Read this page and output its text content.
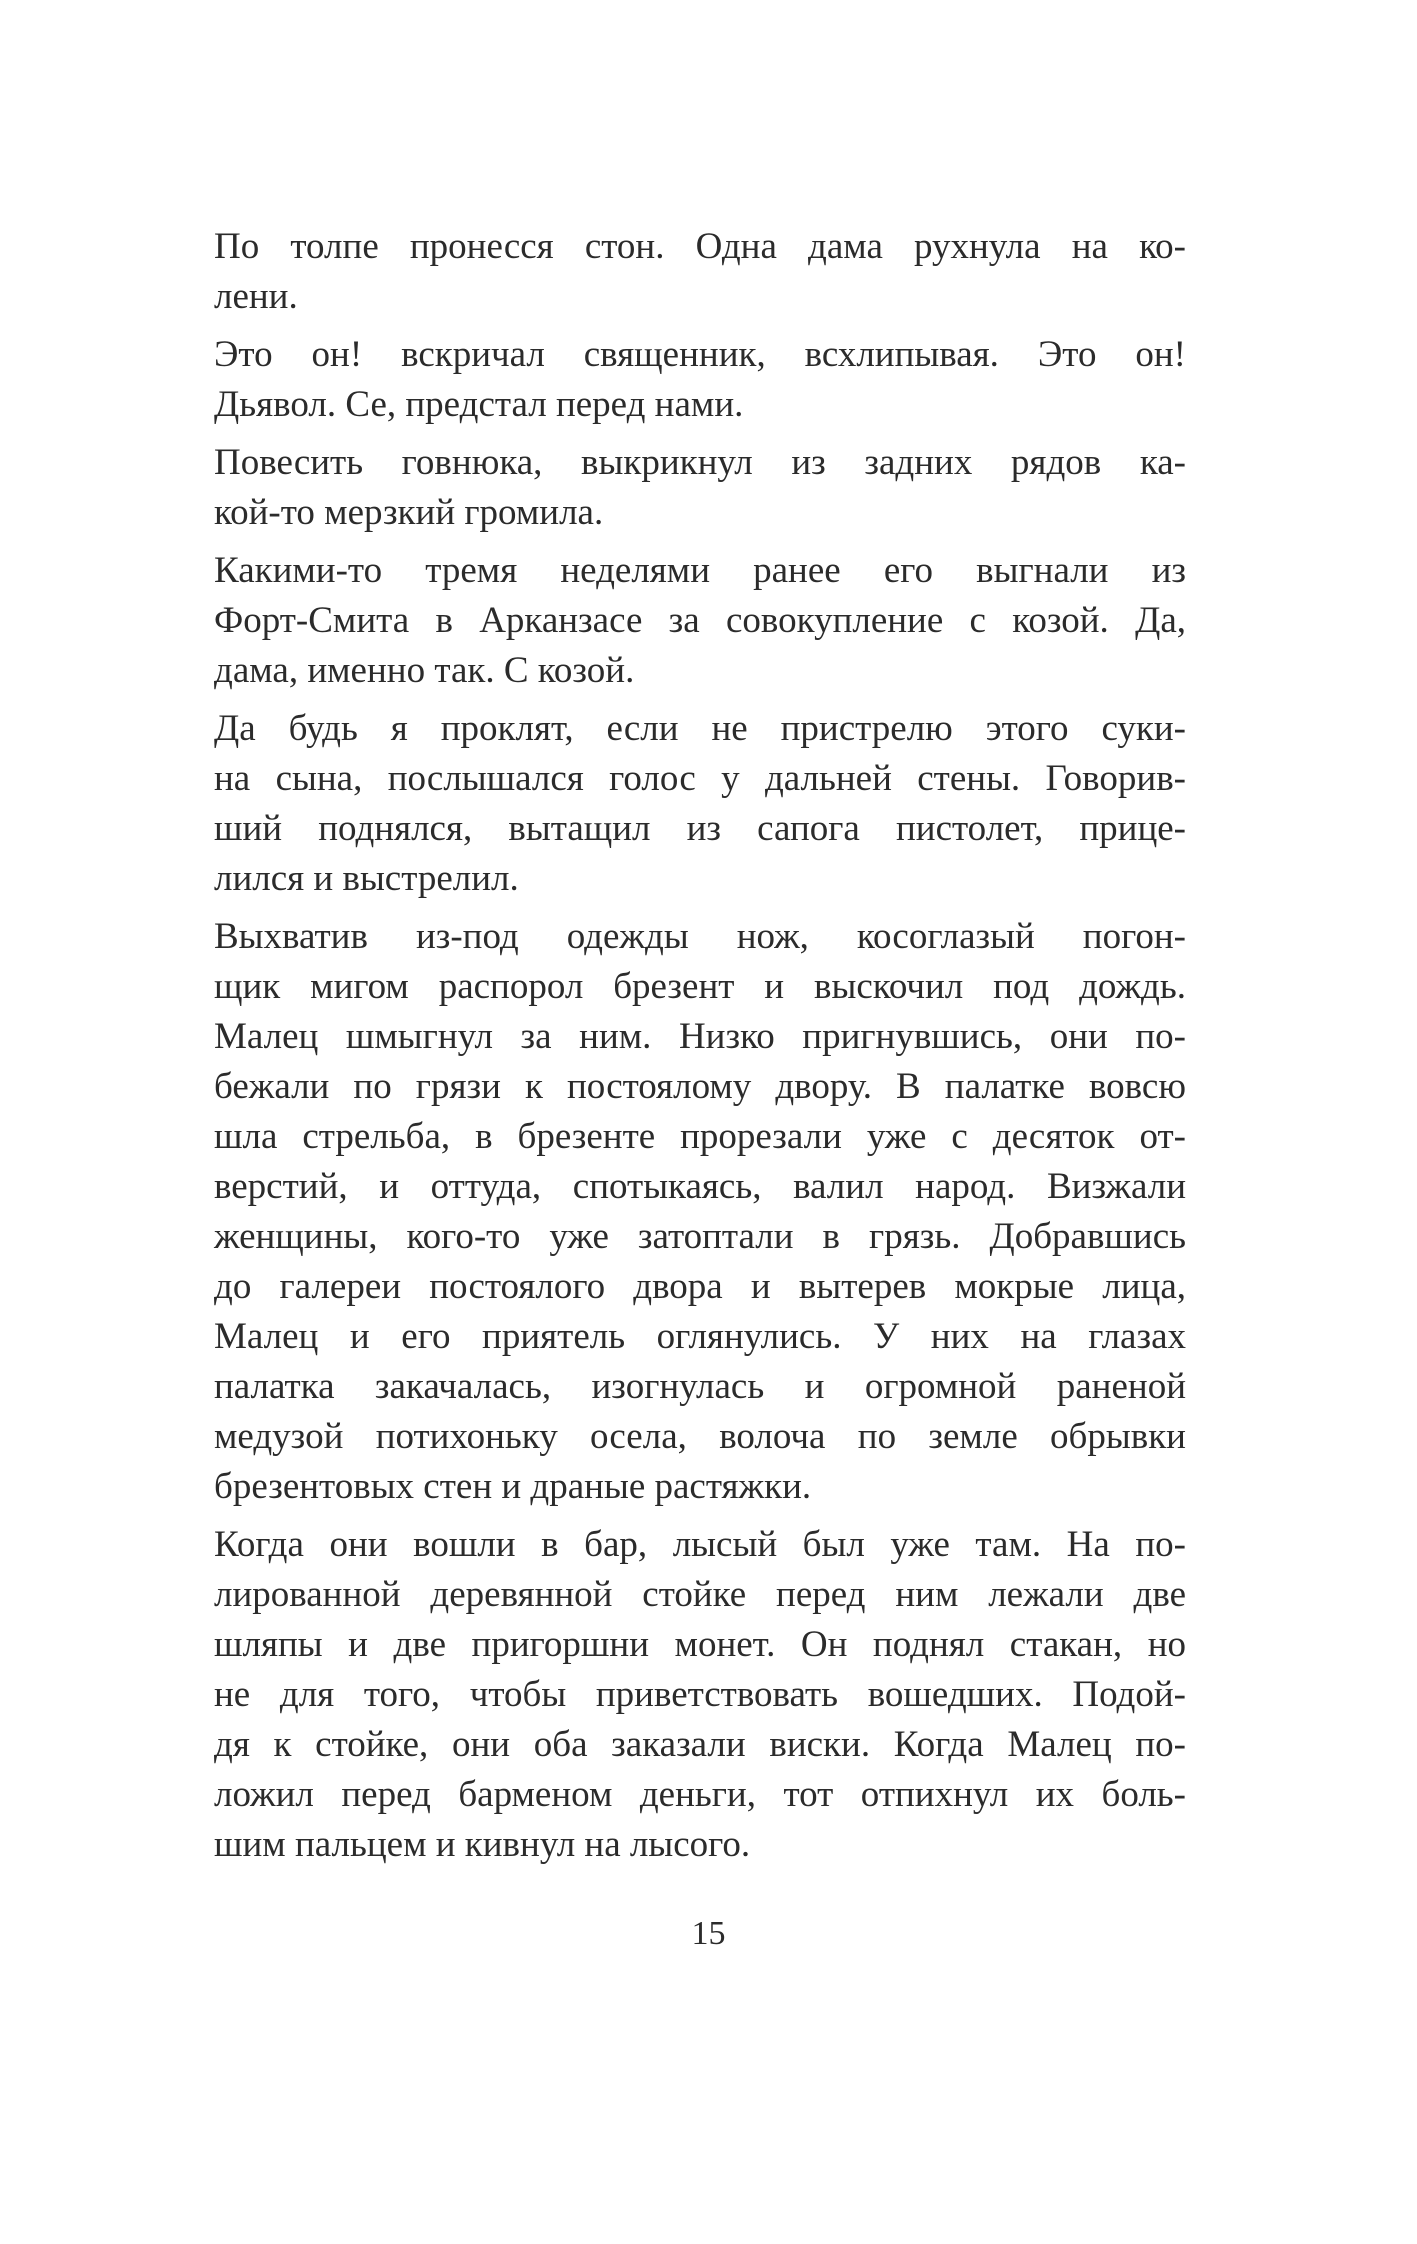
По толпе пронесся стон. Одна дама рухнула на ко-
лени.
Это он! вскричал священник, всхлипывая. Это он!
Дьявол. Се, предстал перед нами.
Повесить говнюка, выкрикнул из задних рядов ка-
кой-то мерзкий громила.
Какими-то тремя неделями ранее его выгнали из
Форт-Смита в Арканзасе за совокупление с козой. Да,
дама, именно так. С козой.
Да будь я проклят, если не пристрелю этого суки-
на сына, послышался голос у дальней стены. Говорив-
ший поднялся, вытащил из сапога пистолет, прице-
лился и выстрелил.
Выхватив из-под одежды нож, косоглазый погон-
щик мигом распорол брезент и выскочил под дождь.
Малец шмыгнул за ним. Низко пригнувшись, они по-
бежали по грязи к постоялому двору. В палатке вовсю
шла стрельба, в брезенте прорезали уже с десяток от-
верстий, и оттуда, спотыкаясь, валил народ. Визжали
женщины, кого-то уже затоптали в грязь. Добравшись
до галереи постоялого двора и вытерев мокрые лица,
Малец и его приятель оглянулись. У них на глазах
палатка закачалась, изогнулась и огромной раненой
медузой потихоньку осела, волоча по земле обрывки
брезентовых стен и драные растяжки.
Когда они вошли в бар, лысый был уже там. На по-
лированной деревянной стойке перед ним лежали две
шляпы и две пригоршни монет. Он поднял стакан, но
не для того, чтобы приветствовать вошедших. Подой-
дя к стойке, они оба заказали виски. Когда Малец по-
ложил перед барменом деньги, тот отпихнул их боль-
шим пальцем и кивнул на лысого.
15
